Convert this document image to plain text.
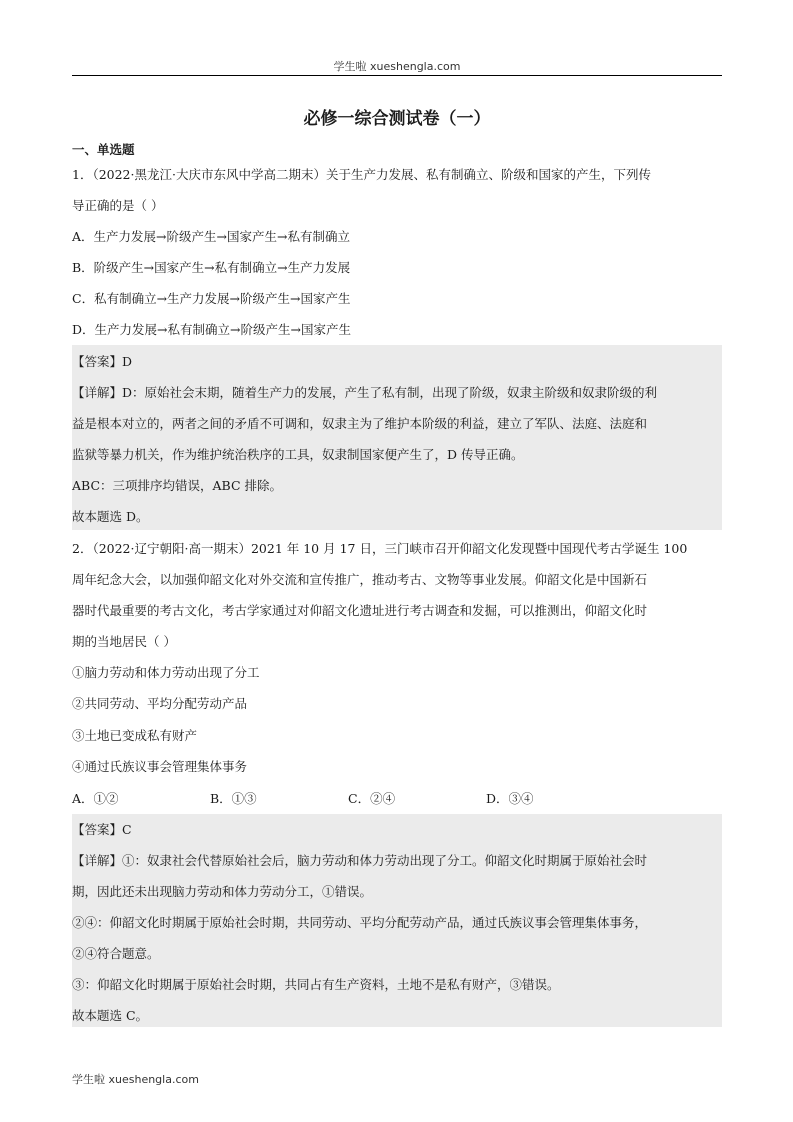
学生啦 xueshengla.com
必修一综合测试卷（一）
一、单选题
1．（2022·黑龙江·大庆市东风中学高二期末）关于生产力发展、私有制确立、阶级和国家的产生，下列传
导正确的是（ ）
A．生产力发展→阶级产生→国家产生→私有制确立
B．阶级产生→国家产生→私有制确立→生产力发展
C．私有制确立→生产力发展→阶级产生→国家产生
D．生产力发展→私有制确立→阶级产生→国家产生
【答案】D
【详解】D：原始社会末期，随着生产力的发展，产生了私有制，出现了阶级，奴隶主阶级和奴隶阶级的利
益是根本对立的，两者之间的矛盾不可调和，奴隶主为了维护本阶级的利益，建立了军队、法庭、法庭和
监狱等暴力机关，作为维护统治秩序的工具，奴隶制国家便产生了，D 传导正确。
ABC：三项排序均错误，ABC 排除。
故本题选 D。
2．（2022·辽宁朝阳·高一期末）2021 年 10 月 17 日，三门峡市召开仰韶文化发现暨中国现代考古学诞生 100
周年纪念大会，以加强仰韶文化对外交流和宣传推广，推动考古、文物等事业发展。仰韶文化是中国新石
器时代最重要的考古文化，考古学家通过对仰韶文化遗址进行考古调查和发掘，可以推测出，仰韶文化时
期的当地居民（ ）
①脑力劳动和体力劳动出现了分工
②共同劳动、平均分配劳动产品
③土地已变成私有财产
④通过氏族议事会管理集体事务
A．①②	B．①③	C．②④	D．③④
【答案】C
【详解】①：奴隶社会代替原始社会后，脑力劳动和体力劳动出现了分工。仰韶文化时期属于原始社会时
期，因此还未出现脑力劳动和体力劳动分工，①错误。
②④：仰韶文化时期属于原始社会时期，共同劳动、平均分配劳动产品，通过氏族议事会管理集体事务，
②④符合题意。
③：仰韶文化时期属于原始社会时期，共同占有生产资料，土地不是私有财产，③错误。
故本题选 C。
学生啦 xueshengla.com
